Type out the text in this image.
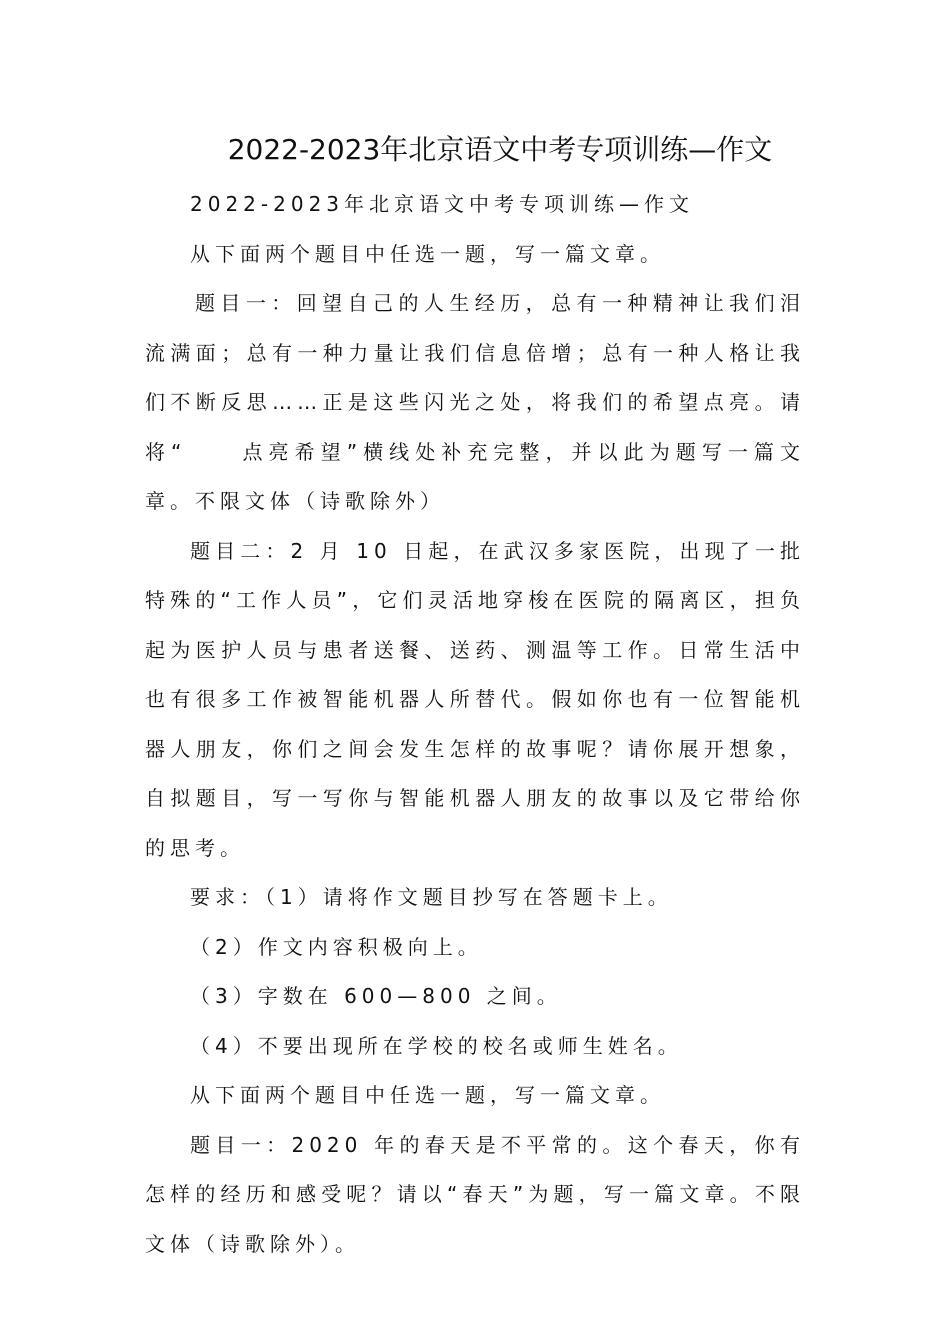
2022-2023年北京语文中考专项训练—作文

2022-2023年北京语文中考专项训练—作文

从下面两个题目中任选一题，写一篇文章。

题目一：回望自己的人生经历，总有一种精神让我们泪流满面；总有一种力量让我们信息倍增；总有一种人格让我们不断反思……正是这些闪光之处，将我们的希望点亮。请将“	点亮希望”横线处补充完整，并以此为题写一篇文章。不限文体（诗歌除外）

题目二：2 月 10 日起，在武汉多家医院，出现了一批特殊的“工作人员”，它们灵活地穿梭在医院的隔离区，担负起为医护人员与患者送餐、送药、测温等工作。日常生活中也有很多工作被智能机器人所替代。假如你也有一位智能机器人朋友，你们之间会发生怎样的故事呢？请你展开想象，自拟题目，写一写你与智能机器人朋友的故事以及它带给你的思考。

要求：（1）请将作文题目抄写在答题卡上。

（2）作文内容积极向上。

（3）字数在 600—800 之间。

（4）不要出现所在学校的校名或师生姓名。

从下面两个题目中任选一题，写一篇文章。

题目一：2020 年的春天是不平常的。这个春天，你有怎样的经历和感受呢？请以“春天”为题，写一篇文章。不限文体（诗歌除外）。
